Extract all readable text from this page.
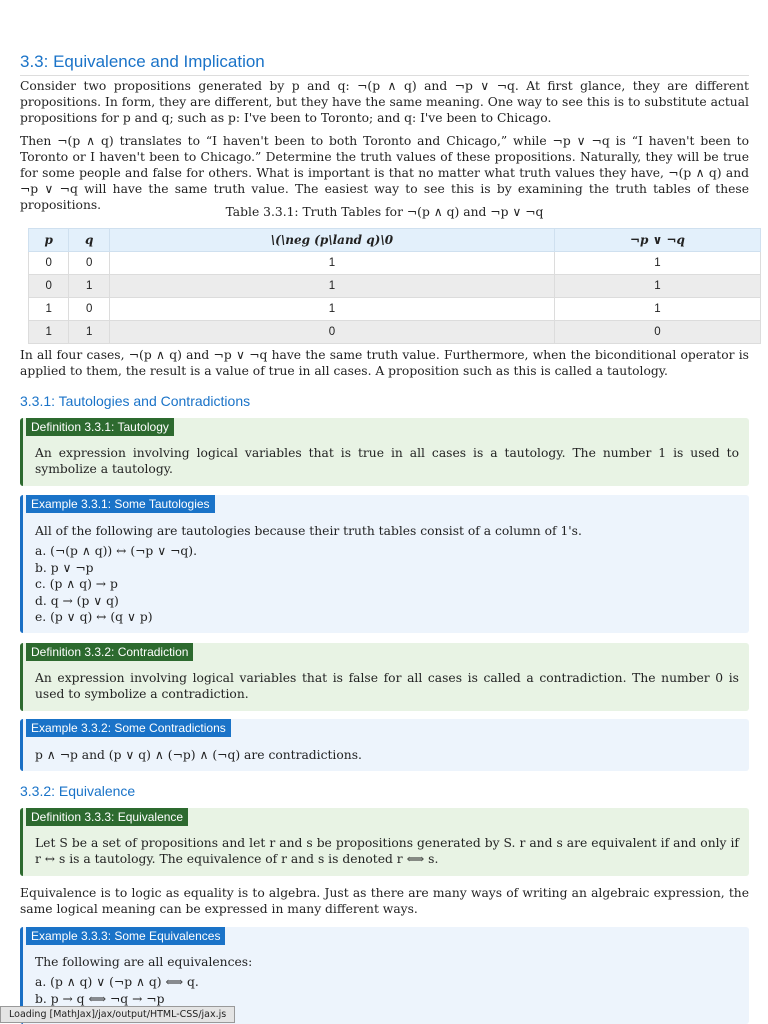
3.3: Equivalence and Implication

Consider two propositions generated by p and q: ¬(p ∧ q) and ¬p ∨ ¬q. At first glance, they are different propositions. In form, they are different, but they have the same meaning. One way to see this is to substitute actual propositions for p and q; such as p: I've been to Toronto; and q: I've been to Chicago.

Then ¬(p ∧ q) translates to “I haven't been to both Toronto and Chicago,” while ¬p ∨ ¬q is “I haven't been to Toronto or I haven't been to Chicago.” Determine the truth values of these propositions. Naturally, they will be true for some people and false for others. What is important is that no matter what truth values they have, ¬(p ∧ q) and ¬p ∨ ¬q will have the same truth value. The easiest way to see this is by examining the truth tables of these propositions.	Table 3.3.1: Truth Tables for ¬(p ∧ q) and ¬p ∨ ¬q
p	q	\(\neg (p\land q)\0	¬p ∨ ¬q
0	0	1	1
0	1	1	1
1	0	1	1
1	1	0	0

In all four cases, ¬(p ∧ q) and ¬p ∨ ¬q have the same truth value. Furthermore, when the biconditional operator is applied to them, the result is a value of true in all cases. A proposition such as this is called a tautology.

3.3.1: Tautologies and Contradictions
Definition 3.3.1: Tautology
An expression involving logical variables that is true in all cases is a tautology. The number 1 is used to symbolize a tautology.
Example 3.3.1: Some Tautologies
All of the following are tautologies because their truth tables consist of a column of 1's.
a. (¬(p ∧ q)) ↔ (¬p ∨ ¬q).
b. p ∨ ¬p
c. (p ∧ q) → p
d. q → (p ∨ q)
e. (p ∨ q) ↔ (q ∨ p)
Definition 3.3.2: Contradiction
An expression involving logical variables that is false for all cases is called a contradiction. The number 0 is used to symbolize a contradiction.
Example 3.3.2: Some Contradictions
p ∧ ¬p and (p ∨ q) ∧ (¬p) ∧ (¬q) are contradictions.
3.3.2: Equivalence
Definition 3.3.3: Equivalence
Let S be a set of propositions and let r and s be propositions generated by S. r and s are equivalent if and only if r ↔ s is a tautology. The equivalence of r and s is denoted r ⟺ s.

Equivalence is to logic as equality is to algebra. Just as there are many ways of writing an algebraic expression, the same logical meaning can be expressed in many different ways.

Example 3.3.3: Some Equivalences
The following are all equivalences:
a. (p ∧ q) ∨ (¬p ∧ q) ⟺ q.
b. p → q ⟺ ¬q → ¬p
Loading [MathJax]/jax/output/HTML-CSS/jax.js
